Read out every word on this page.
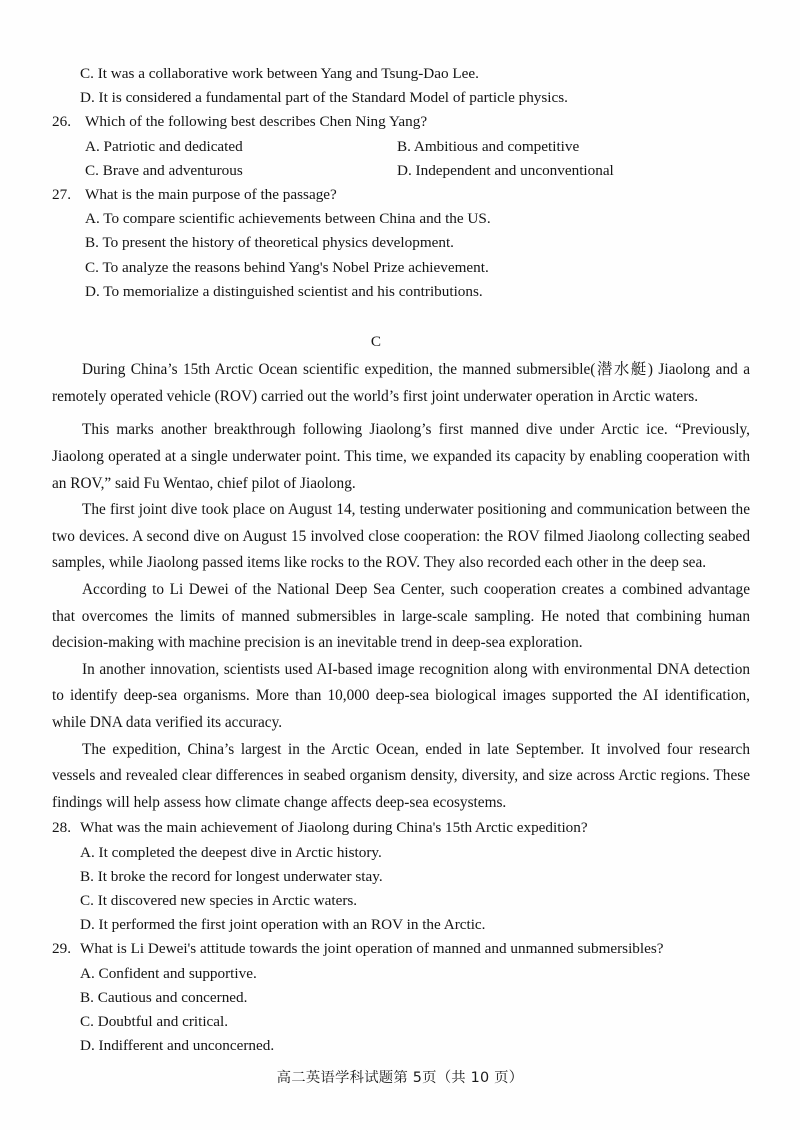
C. It was a collaborative work between Yang and Tsung-Dao Lee.

D. It is considered a fundamental part of the Standard Model of particle physics.

26. Which of the following best describes Chen Ning Yang?
A. Patriotic and dedicated	B. Ambitious and competitive
C. Brave and adventurous	D. Independent and unconventional
27. What is the main purpose of the passage?

A. To compare scientific achievements between China and the US.

B. To present the history of theoretical physics development.

C. To analyze the reasons behind Yang's Nobel Prize achievement.

D. To memorialize a distinguished scientist and his contributions.

C

During China’s 15th Arctic Ocean scientific expedition, the manned submersible(潜水艇) Jiaolong and a remotely operated vehicle (ROV) carried out the world’s first joint underwater operation in Arctic waters.

This marks another breakthrough following Jiaolong’s first manned dive under Arctic ice. “Previously, Jiaolong operated at a single underwater point. This time, we expanded its capacity by enabling cooperation with an ROV,” said Fu Wentao, chief pilot of Jiaolong.

The first joint dive took place on August 14, testing underwater positioning and communication between the two devices. A second dive on August 15 involved close cooperation: the ROV filmed Jiaolong collecting seabed samples, while Jiaolong passed items like rocks to the ROV. They also recorded each other in the deep sea.

According to Li Dewei of the National Deep Sea Center, such cooperation creates a combined advantage that overcomes the limits of manned submersibles in large-scale sampling. He noted that combining human decision-making with machine precision is an inevitable trend in deep-sea exploration.

In another innovation, scientists used AI-based image recognition along with environmental DNA detection to identify deep-sea organisms. More than 10,000 deep-sea biological images supported the AI identification, while DNA data verified its accuracy.

The expedition, China’s largest in the Arctic Ocean, ended in late September. It involved four research vessels and revealed clear differences in seabed organism density, diversity, and size across Arctic regions. These findings will help assess how climate change affects deep-sea ecosystems.

28. What was the main achievement of Jiaolong during China's 15th Arctic expedition?

A. It completed the deepest dive in Arctic history.

B. It broke the record for longest underwater stay.

C. It discovered new species in Arctic waters.

D. It performed the first joint operation with an ROV in the Arctic.

29. What is Li Dewei's attitude towards the joint operation of manned and unmanned submersibles?

A. Confident and supportive.

B. Cautious and concerned.

C. Doubtful and critical.

D. Indifferent and unconcerned.

高二英语学科试题第 5页（共 10 页）
